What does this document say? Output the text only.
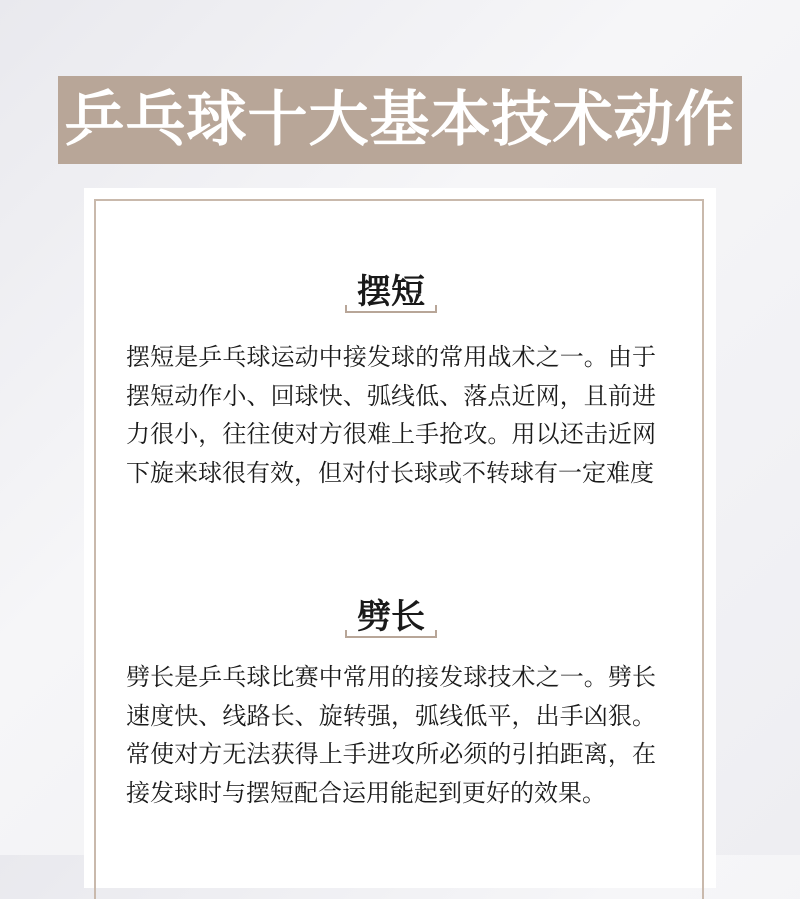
乒乓球十大基本技术动作
摆短

摆短是乒乓球运动中接发球的常用战术之一。由于摆短动作小、回球快、弧线低、落点近网，且前进力很小，往往使对方很难上手抢攻。用以还击近网下旋来球很有效，但对付长球或不转球有一定难度

劈长

劈长是乒乓球比赛中常用的接发球技术之一。劈长速度快、线路长、旋转强，弧线低平，出手凶狠。常使对方无法获得上手进攻所必须的引拍距离，在接发球时与摆短配合运用能起到更好的效果。
